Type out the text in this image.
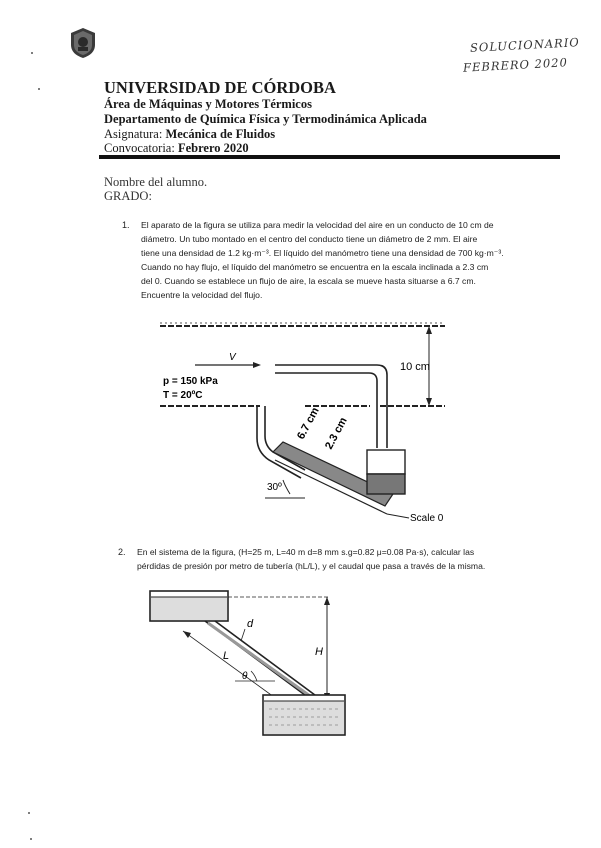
SOLUCIONARIO
FEBRERO 2020
UNIVERSIDAD DE CÓRDOBA
Área de Máquinas y Motores Térmicos
Departamento de Química Física y Termodinámica Aplicada
Asignatura: Mecánica de Fluidos
Convocatoria: Febrero 2020
Nombre del alumno.
GRADO:
1. El aparato de la figura se utiliza para medir la velocidad del aire en un conducto de 10 cm de

diámetro. Un tubo montado en el centro del conducto tiene un diámetro de 2 mm. El aire

tiene una densidad de 1.2 kg·m⁻³. El líquido del manómetro tiene una densidad de 700 kg·m⁻³.

Cuando no hay flujo, el líquido del manómetro se encuentra en la escala inclinada a 2.3 cm

del 0. Cuando se establece un flujo de aire, la escala se mueve hasta situarse a 6.7 cm.

Encuentre la velocidad del flujo.

V
p = 150 kPa
T = 20ºC
10 cm
6.7 cm 2.3 cm
30º
Scale 0
2. En el sistema de la figura, (H=25 m, L=40 m d=8 mm s.g=0.82 μ=0.08 Pa·s), calcular las

pérdidas de presión por metro de tubería (hL/L), y el caudal que pasa a través de la misma.

H
L
d
θ
